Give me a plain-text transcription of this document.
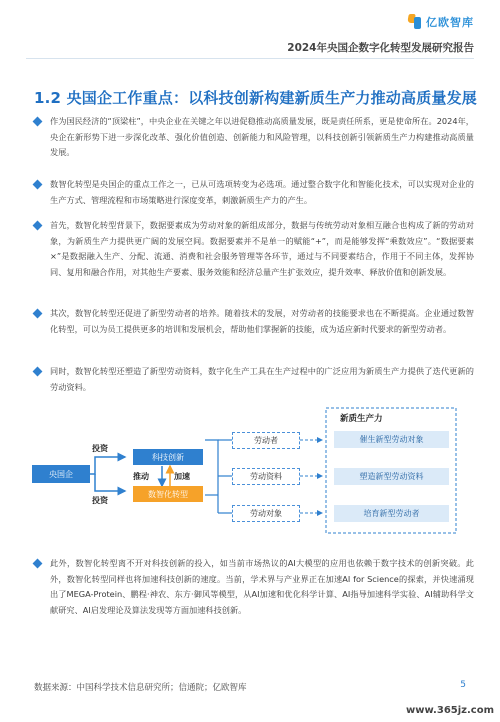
亿欧智库
2024年央国企数字化转型发展研究报告
1.2 央国企工作重点：以科技创新构建新质生产力推动高质量发展
作为国民经济的“顶梁柱”，中央企业在关键之年以进促稳推动高质量发展，既是责任所系，更是使命所在。2024年，央企在新形势下进一步深化改革、强化价值创造、创新能力和风险管理，以科技创新引领新质生产力构建推动高质量发展。
数智化转型是央国企的重点工作之一，已从可选项转变为必选项。通过整合数字化和智能化技术，可以实现对企业的生产方式、管理流程和市场策略进行深度变革，刺激新质生产力的产生。
首先，数智化转型背景下，数据要素成为劳动对象的新组成部分，数据与传统劳动对象相互融合也构成了新的劳动对象，为新质生产力提供更广阔的发展空间。数据要素并不是单一的赋能“+”，而是能够发挥“乘数效应”。“数据要素×”是数据融入生产、分配、流通、消费和社会服务管理等各环节，通过与不同要素结合，作用于不同主体，发挥协同、复用和融合作用，对其他生产要素、服务效能和经济总量产生扩张效应，提升效率、释放价值和创新发展。
其次，数智化转型还促进了新型劳动者的培养。随着技术的发展，对劳动者的技能要求也在不断提高。企业通过数智化转型，可以为员工提供更多的培训和发展机会，帮助他们掌握新的技能，成为适应新时代要求的新型劳动者。
同时，数智化转型还塑造了新型劳动资料，数字化生产工具在生产过程中的广泛应用为新质生产力提供了迭代更新的劳动资料。
央国企
投资
投资
科技创新
数智化转型
推动	加速
劳动者
劳动资料
劳动对象
新质生产力
催生新型劳动对象
塑造新型劳动资料
培育新型劳动者
此外，数智化转型离不开对科技创新的投入，如当前市场热议的AI大模型的应用也依赖于数字技术的创新突破。此外，数智化转型同样也将加速科技创新的速度。当前，学术界与产业界正在加速AI for Science的探索，并快速涌现出了MEGA-Protein、鹏程·神农、东方·御风等模型，从AI加速和优化科学计算、AI指导加速科学实验、AI辅助科学文献研究、AI启发理论及算法发现等方面加速科技创新。
数据来源：中国科学技术信息研究所；信通院；亿欧智库	5
www.365jz.com
